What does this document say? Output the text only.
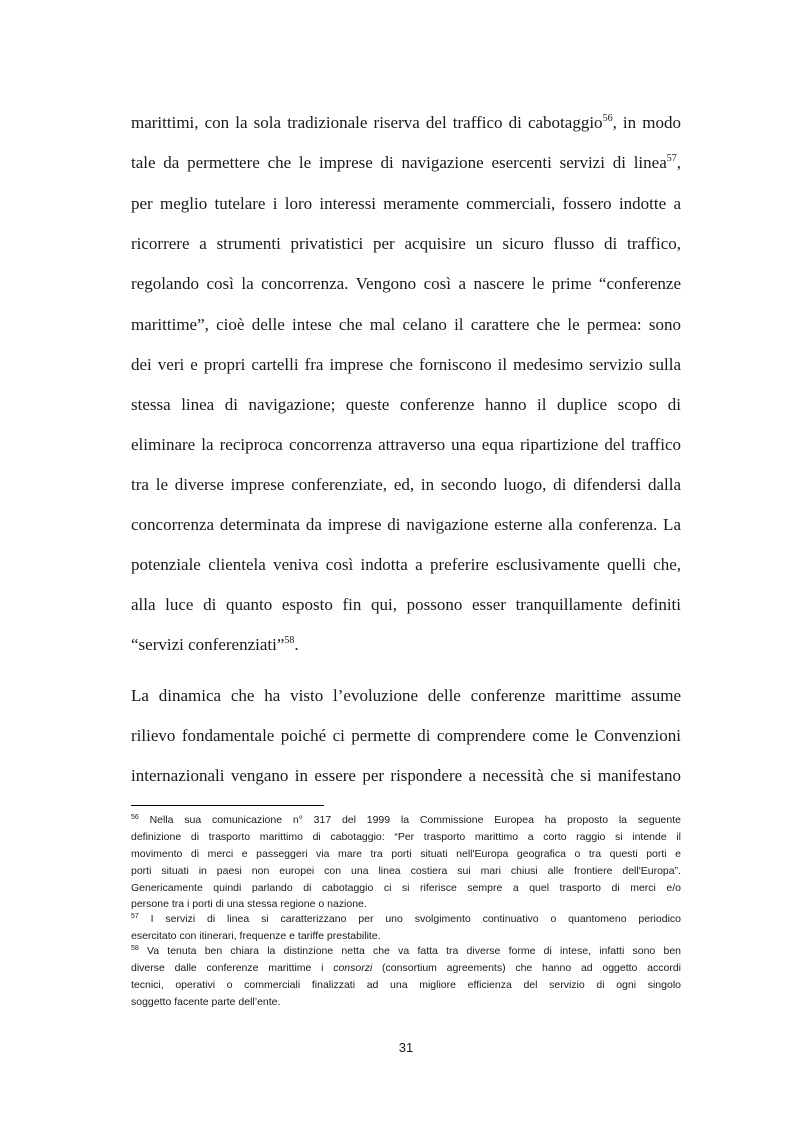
marittimi, con la sola tradizionale riserva del traffico di cabotaggio$^{56}$, in modo
tale da permettere che le imprese di navigazione esercenti servizi di linea$^{57}$,
per meglio tutelare i loro interessi meramente commerciali, fossero indotte a
ricorrere a strumenti privatistici per acquisire un sicuro flusso di traffico,
regolando così la concorrenza. Vengono così a nascere le prime “conferenze
marittime”, cioè delle intese che mal celano il carattere che le permea: sono
dei veri e propri cartelli fra imprese che forniscono il medesimo servizio sulla
stessa linea di navigazione; queste conferenze hanno il duplice scopo di
eliminare la reciproca concorrenza attraverso una equa ripartizione del traffico
tra le diverse imprese conferenziate, ed, in secondo luogo, di difendersi dalla
concorrenza determinata da imprese di navigazione esterne alla conferenza. La
potenziale clientela veniva così indotta a preferire esclusivamente quelli che,
alla luce di quanto esposto fin qui, possono esser tranquillamente definiti
“servizi conferenziati”$^{58}$.
La dinamica che ha visto l’evoluzione delle conferenze marittime assume
rilievo fondamentale poiché ci permette di comprendere come le Convenzioni
internazionali vengano in essere per rispondere a necessità che si manifestano
$^{56}$ Nella sua comunicazione n° 317 del 1999 la Commissione Europea ha proposto la seguente
definizione di trasporto marittimo di cabotaggio: “Per trasporto marittimo a corto raggio si intende il
movimento di merci e passeggeri via mare tra porti situati nell'Europa geografica o tra questi porti e
porti situati in paesi non europei con una linea costiera sui mari chiusi alle frontiere dell'Europa”.
Genericamente quindi parlando di cabotaggio ci si riferisce sempre a quel trasporto di merci e/o
persone tra i porti di una stessa regione o nazione.
$^{57}$ I servizi di linea si caratterizzano per uno svolgimento continuativo o quantomeno periodico
esercitato con itinerari, frequenze e tariffe prestabilite.
$^{58}$ Va tenuta ben chiara la distinzione netta che va fatta tra diverse forme di intese, infatti sono ben
diverse dalle conferenze marittime i consorzi (consortium agreements) che hanno ad oggetto accordi
tecnici, operativi o commerciali finalizzati ad una migliore efficienza del servizio di ogni singolo
soggetto facente parte dell’ente.
31
